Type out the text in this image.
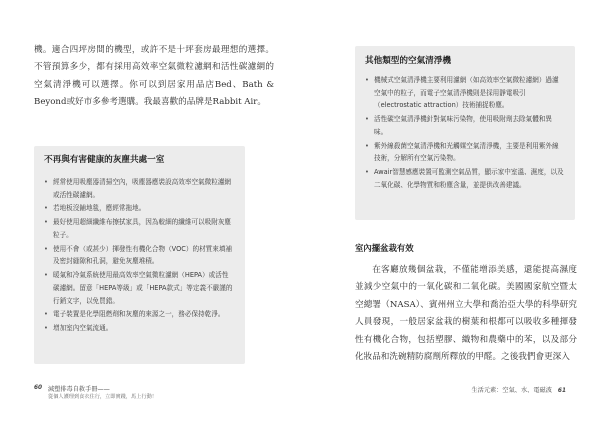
機。適合四坪房間的機型，或許不是十坪套房最理想的選擇。不管預算多少，都有採用高效率空氣微粒濾網和活性碳濾網的空氣清淨機可以選擇。你可以到居家用品店Bed、Bath & Beyond或好市多參考選購。我最喜歡的品牌是Rabbit Air。

不再與有害健康的灰塵共處一室
• 經常使用吸塵器清掃空內，吸塵器應裝設高效率空氣微粒濾網或活性碳濾網。
• 若地板沒鋪地毯，應經常拖地。
• 最好使用超細纖維布擦拭家具，因為較細的纖維可以吸附灰塵粒子。
• 使用不會（或甚少）揮發性有機化合物（VOC）的材質來填補及密封縫隙和孔洞，避免灰塵堆積。
• 暖氣和冷氣系統使用最高效率空氣微粒濾網（HEPA）或活性碳濾網。留意「HEPA等級」或「HEPA款式」等定義不嚴謹的行銷文字，以免買錯。
• 電子裝置是化學阻燃劑和灰塵的來源之一，務必保持乾淨。
• 增加室內空氣流通。
60 減塑排毒自救手冊——
從個人護理到食衣住行，立即實踐，馬上行動！
其他類型的空氣清淨機
• 機械式空氣清淨機主要利用濾網（如高效率空氣微粒濾網）過濾空氣中的粒子，而電子空氣清淨機則是採用靜電吸引（electrostatic attraction）技術捕捉粉塵。
• 活性碳空氣清淨機針對氣味污染物，使用吸附劑去除氣體和異味。
• 紫外線殺菌空氣清淨機和光觸媒空氣清淨機，主要是利用紫外線技術，分解所有空氣污染物。
• Awair智慧感應裝置可監測空氣品質，顯示家中室溫、濕度，以及二氧化碳、化學物質和粉塵含量，並提供改善建議。
室內擺盆栽有效

在客廳放幾個盆栽，不僅能增添美感，還能提高濕度並減少空氣中的一氧化碳和二氧化碳。美國國家航空暨太空總署（NASA）、賓州州立大學和喬治亞大學的科學研究人員發現，一般居家盆栽的樹葉和根都可以吸收多種揮發性有機化合物，包括塑膠、織物和農藥中的苯，以及部分化妝品和洗碗精防腐劑所釋放的甲醛。之後我們會更深入

生活元素：空氣、水、電磁波 61
